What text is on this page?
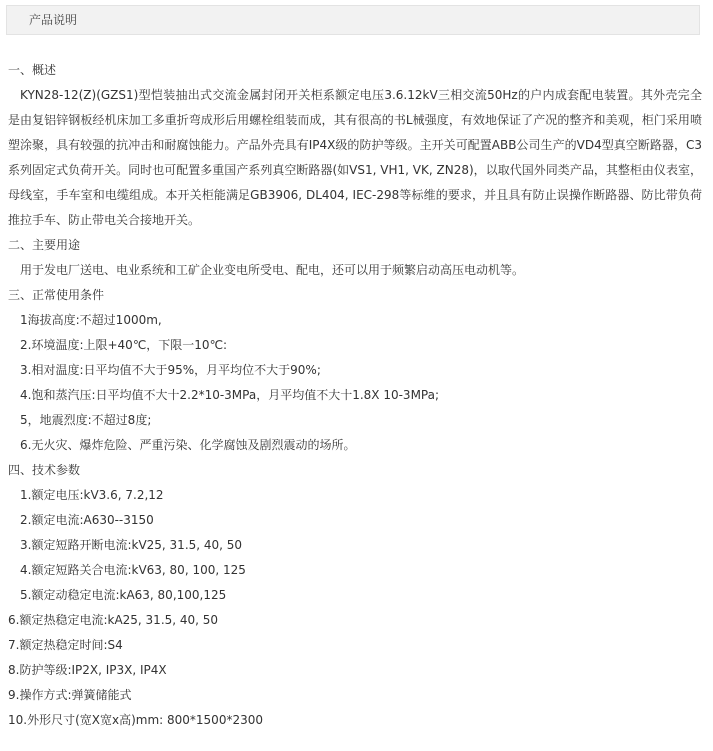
产品说明

一、概述

KYN28-12(Z)(GZS1)型恺装抽出式交流金属封闭开关柜系额定电压3.6.12kV三相交流50Hz的户内成套配电装置。其外壳完全是由复铝锌钢板经机床加工多重折弯成形后用螺栓组装而成，其有很高的书L械强度，有效地保证了产况的整齐和美观，柜门采用喷塑涂聚，具有较强的抗冲击和耐腐蚀能力。产品外壳具有IP4X级的防护等级。主开关可配置ABB公司生产的VD4型真空断路器，C3系列固定式负荷开关。同时也可配置多重国产系列真空断路器(如VS1, VH1, VK, ZN28)，以取代国外同类产品，其整柜由仪表室，母线室，手车室和电缆组成。本开关柜能满足GB3906, DL404, IEC-298等标维的要求，并且具有防止误操作断路器、防比带负荷推拉手车、防止带电关合接地开关。

二、主要用途

用于发电厂送电、电业系统和工矿企业变电所受电、配电，还可以用于频繁启动高压电动机等。

三、正常使用条件

1海拔高度:不超过1000m,

2.环境温度:上限+40℃，下限一10℃:

3.相对温度:日平均值不大于95%，月平均位不大于90%;

4.饱和蒸汽压:日平均值不大十2.2*10-3MPa，月平均值不大十1.8X 10-3MPa;

5，地震烈度:不超过8度;

6.无火灾、爆炸危险、严重污染、化学腐蚀及剧烈震动的场所。

四、技术参数

1.额定电压:kV3.6, 7.2,12

2.额定电流:A630--3150

3.额定短路开断电流:kV25, 31.5, 40, 50

4.额定短路关合电流:kV63, 80, 100, 125

5.额定动稳定电流:kA63, 80,100,125

6.额定热稳定电流:kA25, 31.5, 40, 50

7.额定热稳定时间:S4

8.防护等级:IP2X, IP3X, IP4X

9.操作方式:弹簧储能式

10.外形尺寸(宽X宽x高)mm: 800*1500*2300
